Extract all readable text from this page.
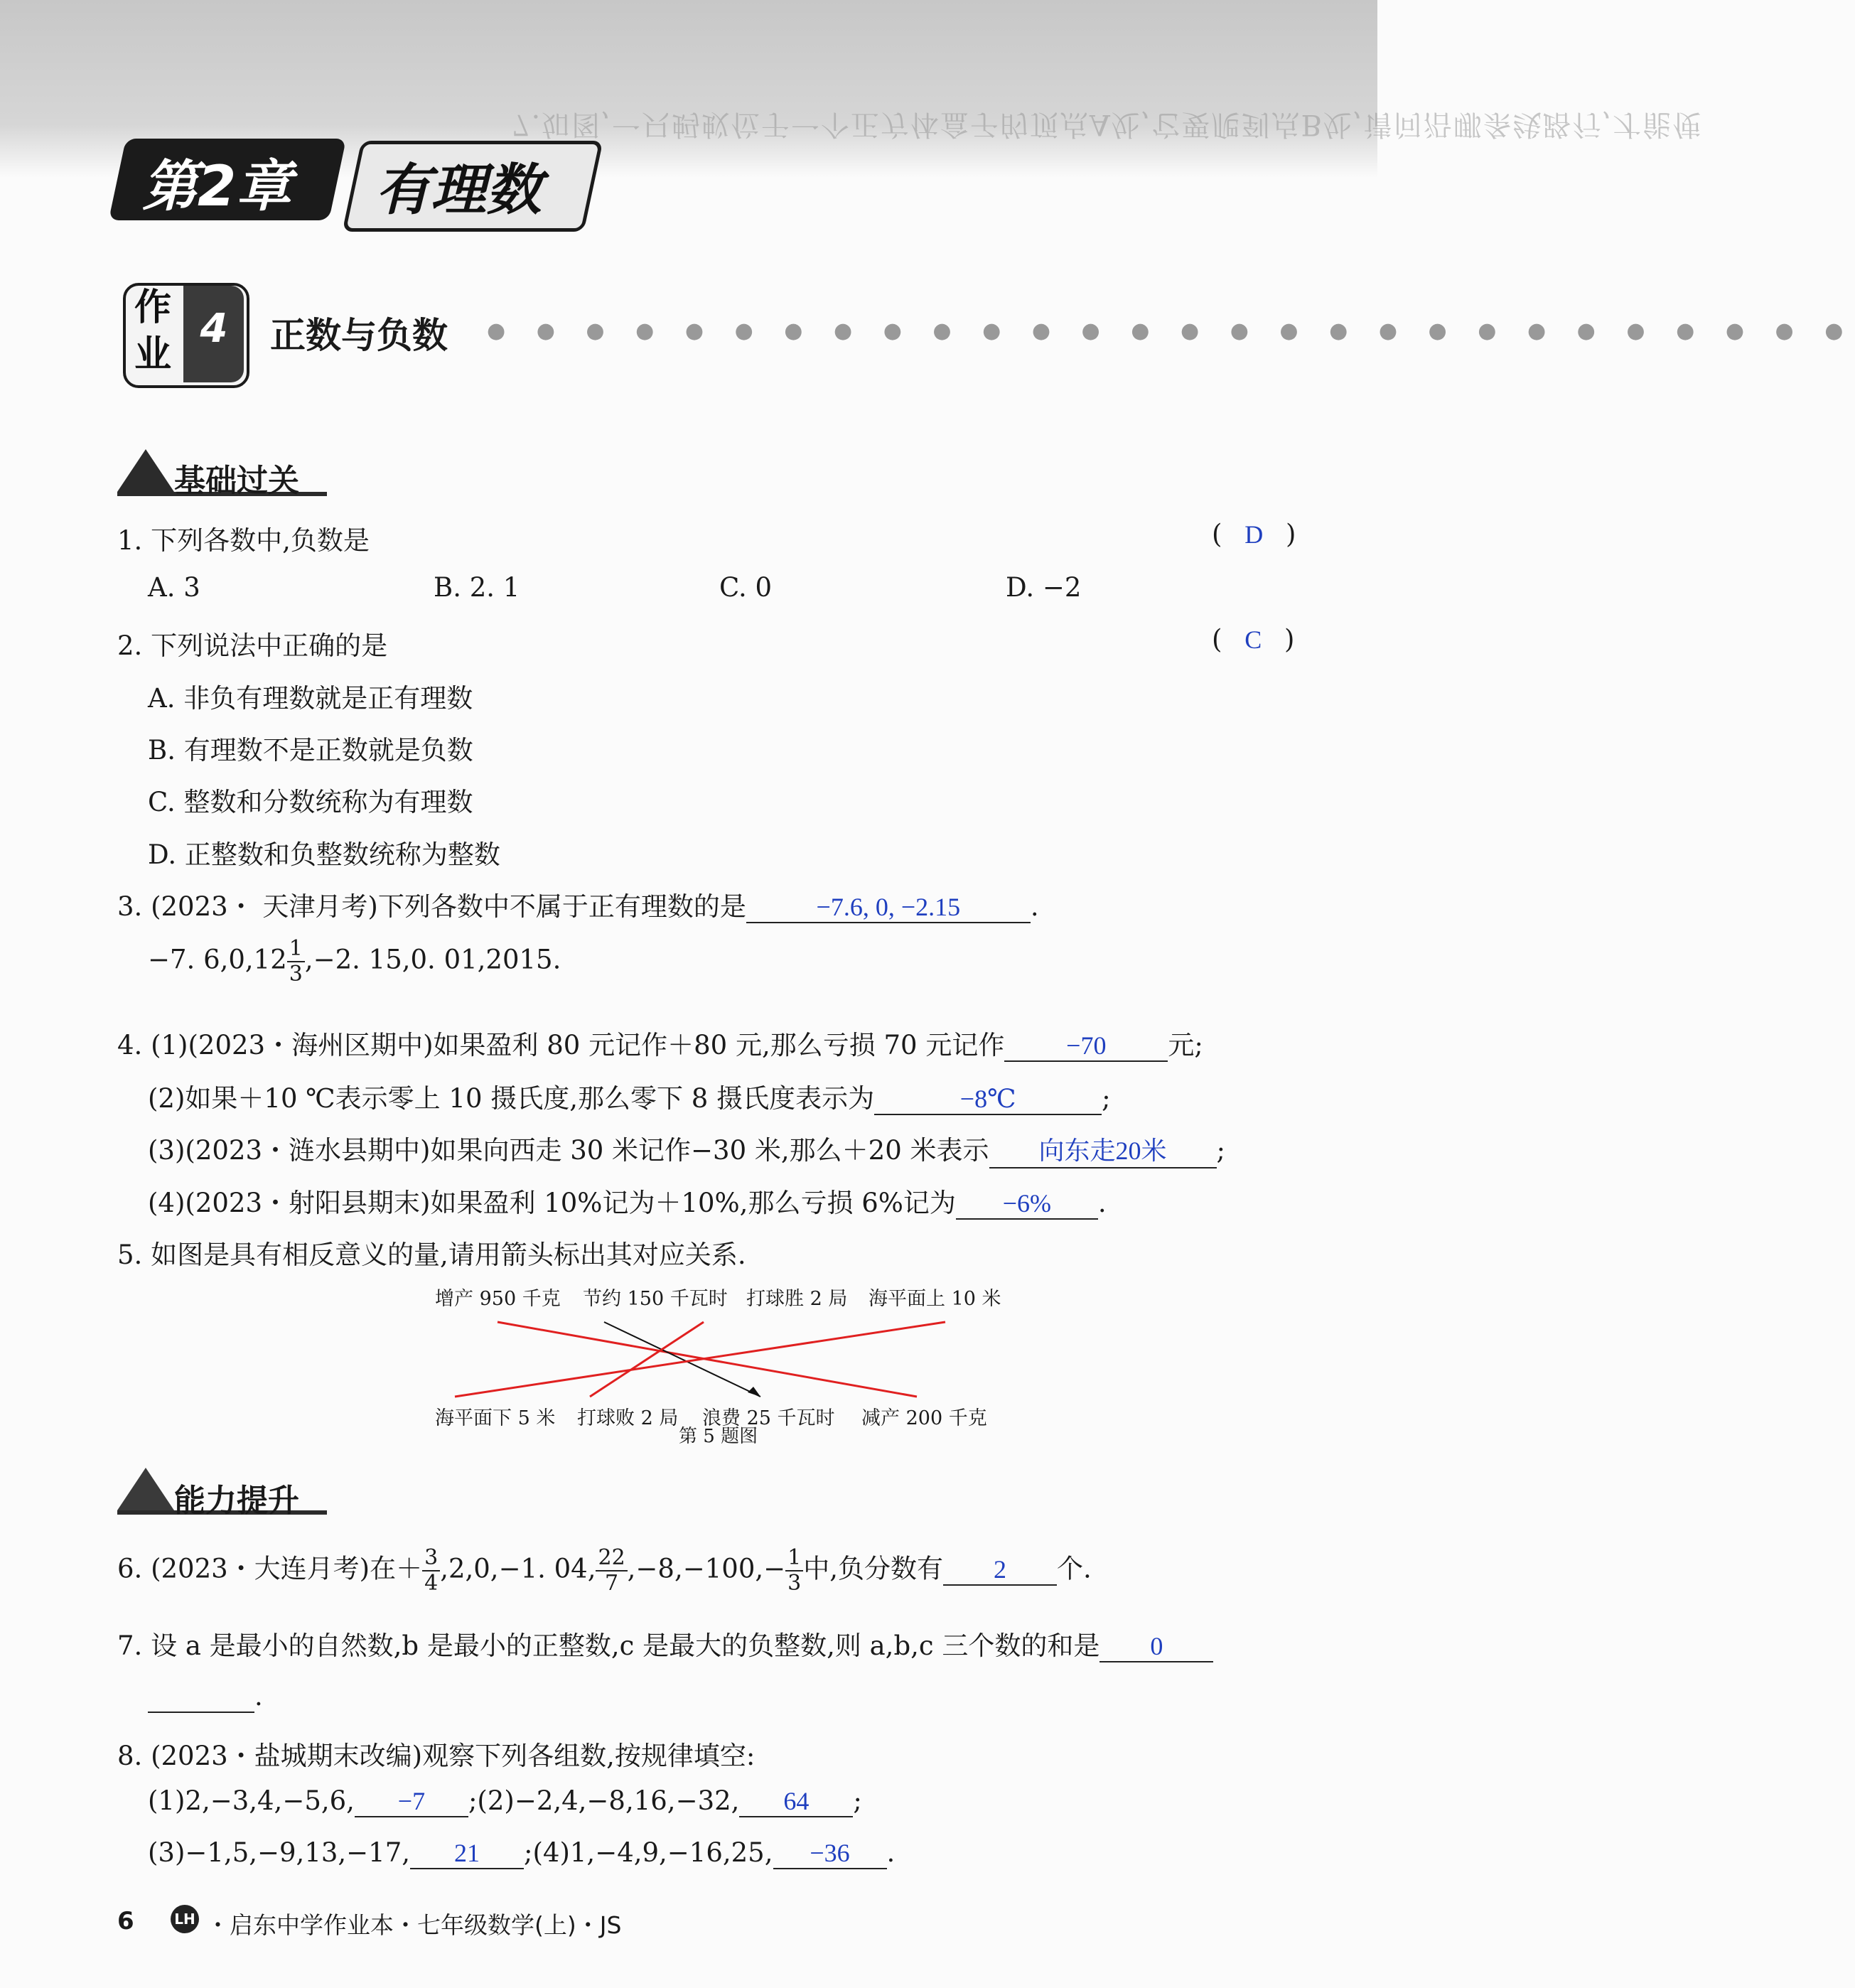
7.如图,一只蚂蚁位于一个正方体盒子的顶点A处,它要爬到点B处,请问沿哪条线路行,才能使
第2章 有理数
作业
4	正数与负数 ● ● ● ● ● ● ● ● ● ● ● ● ● ● ● ● ● ● ● ● ● ● ● ● ● ● ● ●
基础过关
1. 下列各数中,负数是	( D )
A. 3	B. 2. 1	C. 0	D. −2
2. 下列说法中正确的是	( C )
A. 非负有理数就是正有理数
B. 有理数不是正数就是负数
C. 整数和分数统称为有理数
D. 正整数和负整数统称为整数
3. (2023・ 天津月考)下列各数中不属于正有理数的是	−7.6, 0, −2.15	.
−7. $6,0,12 \frac{1}{3} ,-2$. 15,0. 01,2015.
4. (1)(2023・海州区期中)如果盈利 80 元记作＋80 元,那么亏损 70 元记作 −70 元;
(2)如果＋10 ℃表示零上 10 摄氏度,那么零下 8 摄氏度表示为	−8℃	;
(3)(2023・涟水县期中)如果向西走 30 米记作−30 米,那么＋20 米表示 向东走20米 ;
(4)(2023・射阳县期末)如果盈利 10%记为＋10%,那么亏损 6%记为 −6% .
5. 如图是具有相反意义的量,请用箭头标出其对应关系.
增产 950 千克 节约 150 千瓦时 打球胜 2 局 海平面上 10 米
海平面下 5 米 打球败 2 局 浪费 25 千瓦时 减产 200 千克
第 5 题图
能力提升
6. (2023・大连月考)在＋ $\frac{3}{4} ,2,0,-1$. 04, $\frac{22}{7} ,-8,-100,- \frac{1}{3}$ 中,负分数有 2 个.
7. 设 a 是最小的自然数,b 是最小的正整数,c 是最大的负整数,则 a,b,c 三个数的和是 0
.
8. (2023・盐城期末改编)观察下列各组数,按规律填空:
(1)2,−3,4,−5,6, −7 ;(2)−2,4,−8,16,−32, 64 ;
(3)−1,5,−9,13,−17, 21 ;(4)1,−4,9,−16,25, −36 .
6	LH ・启东中学作业本・七年级数学(上)・JS
